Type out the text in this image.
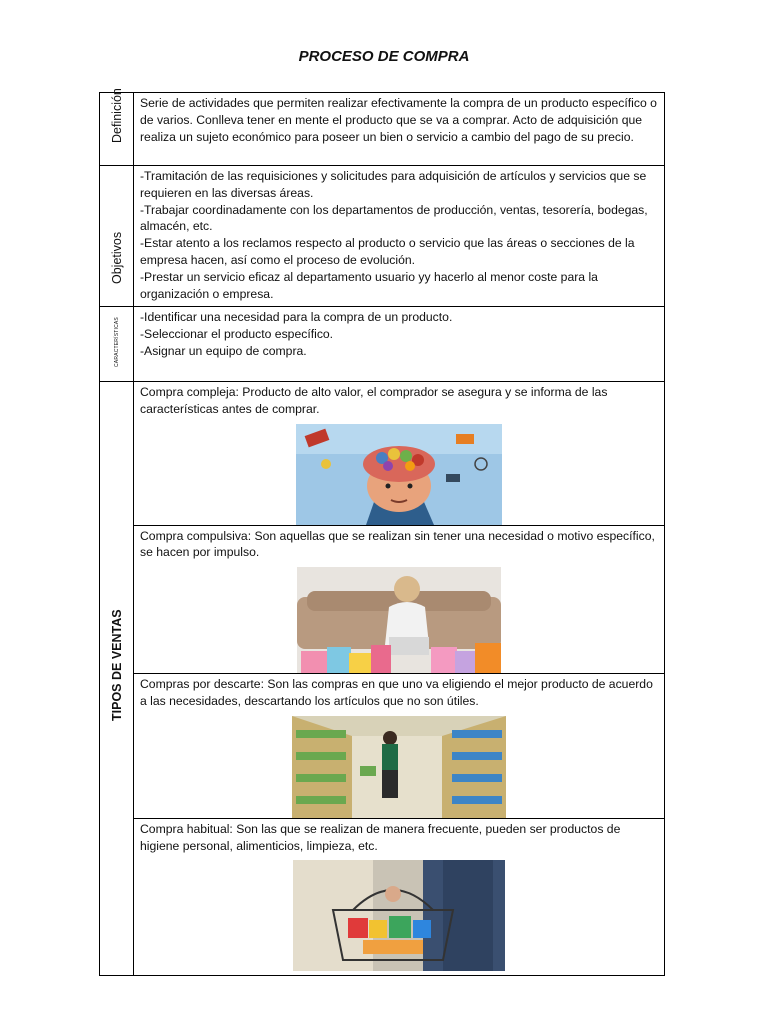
PROCESO DE COMPRA
Definición	Serie de actividades que permiten realizar efectivamente la compra de un producto específico o de varios. Conlleva tener en mente el producto que se va a comprar. Acto de adquisición que realiza un sujeto económico para poseer un bien o servicio a cambio del pago de su precio.

Objetivos	-Tramitación de las requisiciones y solicitudes para adquisición de artículos y servicios que se requieren en las diversas áreas.

-Trabajar coordinadamente con los departamentos de producción, ventas, tesorería, bodegas, almacén, etc.

-Estar atento a los reclamos respecto al producto o servicio que las áreas o secciones de la empresa hacen, así como el proceso de evolución.

-Prestar un servicio eficaz al departamento usuario yy hacerlo al menor coste para la organización o empresa.

CARACTERÍSTICAS	-Identificar una necesidad para la compra de un producto.

-Seleccionar el producto específico.

-Asignar un equipo de compra.

TIPOS DE VENTAS	Compra compleja: Producto de alto valor, el comprador se asegura y se informa de las características antes de comprar.

	Compra compulsiva: Son aquellas que se realizan sin tener una necesidad o motivo específico, se hacen por impulso.

	Compras por descarte: Son las compras en que uno va eligiendo el mejor producto de acuerdo a las necesidades, descartando los artículos que no son útiles.

	Compra habitual: Son las que se realizan de manera frecuente, pueden ser productos de higiene personal, alimenticios, limpieza, etc.
